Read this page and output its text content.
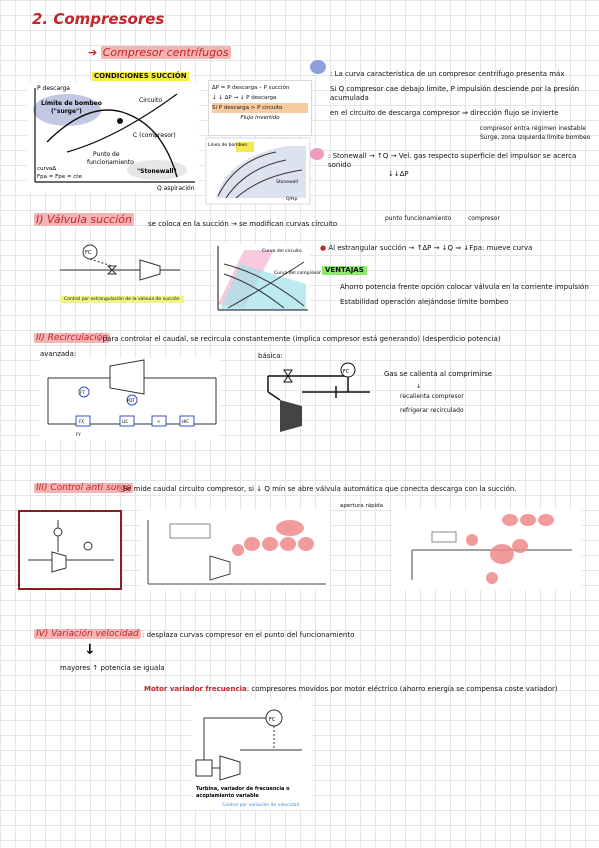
2. Compresores
➔ Compresor centrífugos
CONDICIONES SUCCIÓN
P descarga
Q aspiración
Límite de bombeo
("surge")
Circuito
C (compresor)
Punto de
funcionamiento
"Stonewall"
curva∆
Fpa = Fpe = cte
∆P = P descarga – P succión
↓ ↓ ∆P → ↓ P descarga
Si P descarga > P circuito
Flujo invertido
Línea de bombeo
Stonewall
Q/Hp
: La curva característica de un compresor centrífugo presenta máx
Si Q compresor cae debajo límite, P impulsión desciende por la presión acumulada
en el circuito de descarga compresor ⇒ dirección flujo se invierte
compresor entra régimen inestable
Surge, zona izquierda límite bombeo
: Stonewall → ↑Q → Vel. gas respecto superficie del impulsor se acerca sonido
↓↓∆P
I) Válvula succión se coloca en la succión → se modifican curvas circuito
punto funcionamiento	compresor
FC
Control por estrangulación de la válvula de succión
Curva del circuito
Curva del compresor
● Al estrangular succión → ↑∆P → ↓Q ⇒ ↓Fpa: mueve curva
VENTAJAS
Ahorro potencia frente opción colocar válvula en la corriente impulsión
Estabilidad operación alejándose límite bombeo
II) Recirculación
: para controlar el caudal, se recircula constantemente (implica compresor está generando) (desperdicio potencia)
avanzada:	básica:
FT
PDT
FX	LIC	<	HIC
FY
FC	Gas se calienta al comprimirse
↓
recalienta compresor
refrigerar recirculado
III) Control anti surge
: Se mide caudal circuito compresor, si ↓ Q mín se abre válvula automática que conecta descarga con la succión.
apertura rápida
IV) Variación velocidad : desplaza curvas compresor en el punto del funcionamiento
↓
mayores ↑ potencia se iguala
Motor variador frecuencia: compresores movidos por motor eléctrico (ahorro energía se compensa coste variador)
FC
Turbina, variador de frecuencia o
acoplamiento variable
Control por variación de velocidad
